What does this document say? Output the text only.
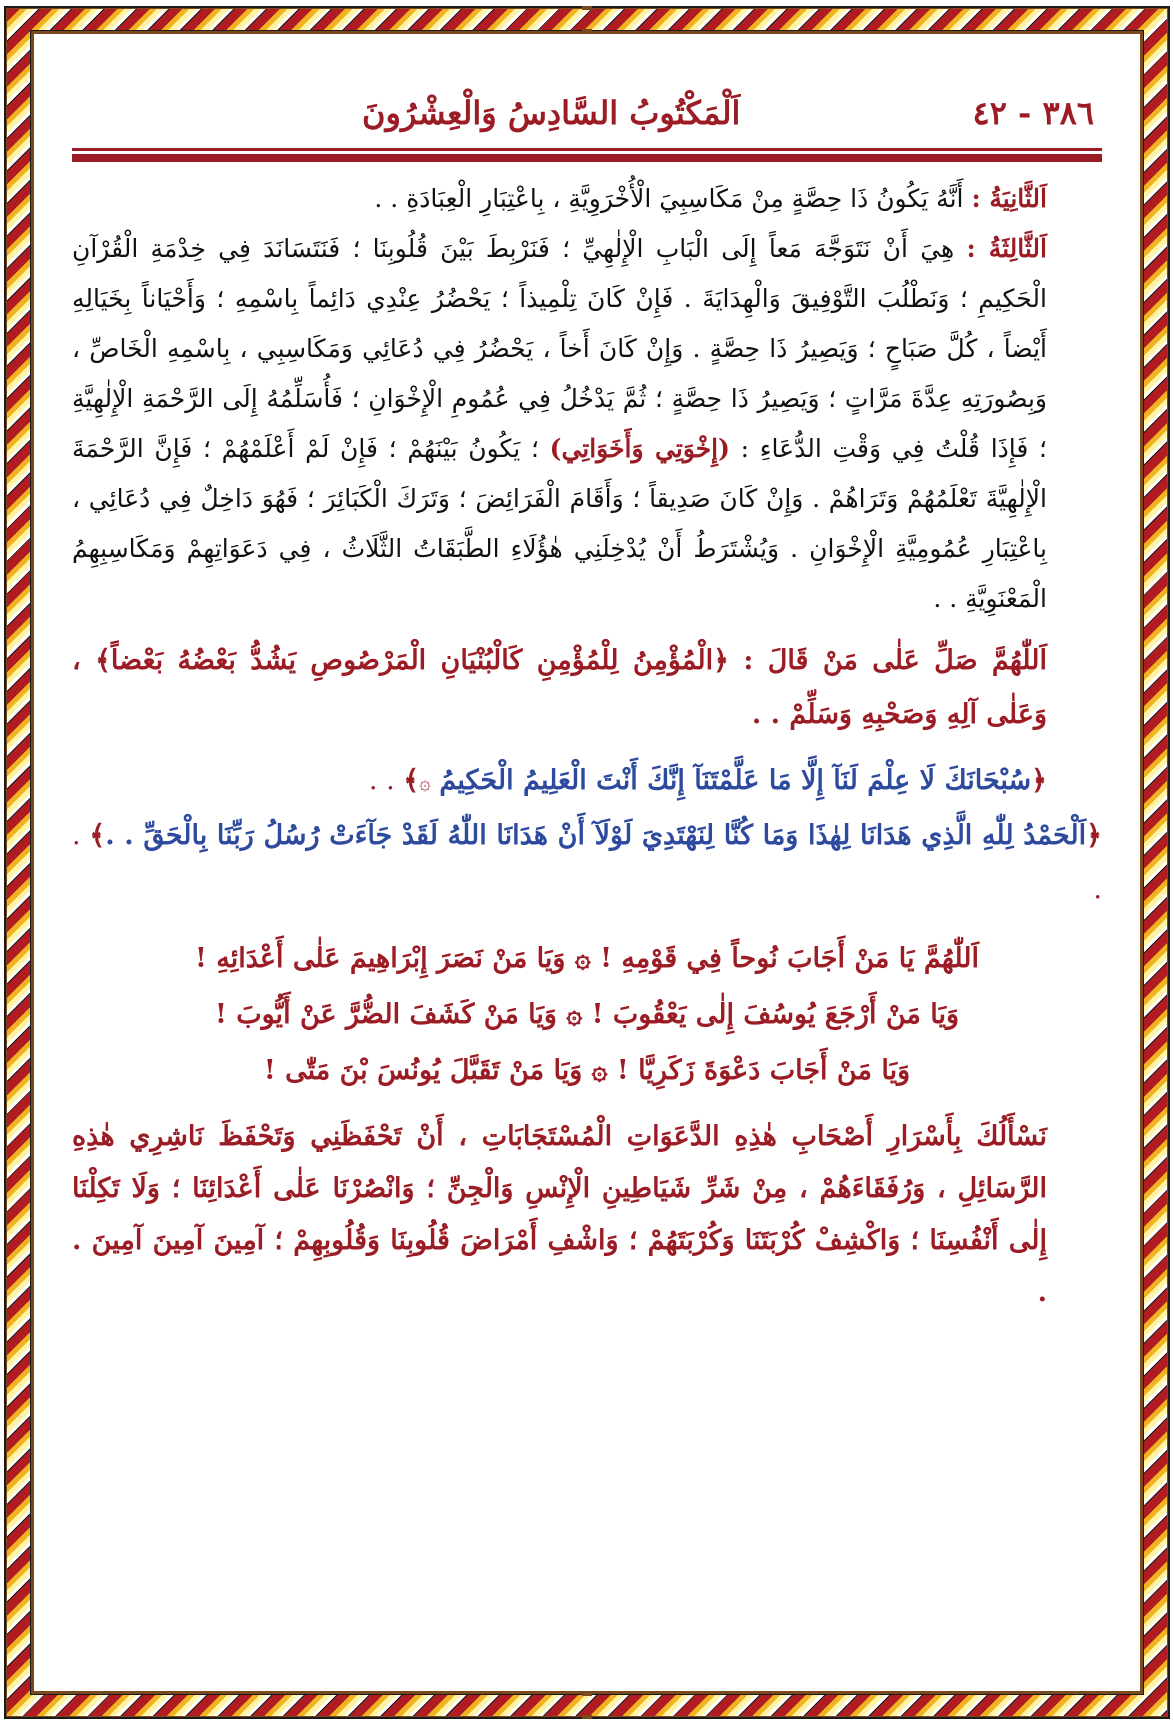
٣٨٦ - ٤٢
اَلْمَكْتُوبُ السَّادِسُ وَالْعِشْرُونَ

اَلثَّانِيَةُ : أَنَّهُ يَكُونُ ذَا حِصَّةٍ مِنْ مَكَاسِبِيَ الْأُخْرَوِيَّةِ ، بِاعْتِبَارِ الْعِبَادَةِ . .

اَلثَّالِثَةُ : هِيَ أَنْ نَتَوَجَّهَ مَعاً إِلَى الْبَابِ الْإِلٰهِيِّ ؛ فَنَرْبِطَ بَيْنَ قُلُوبِنَا ؛ فَنَتَسَانَدَ فِي خِدْمَةِ الْقُرْآنِ الْحَكِيمِ ؛ وَنَطْلُبَ التَّوْفِيقَ وَالْهِدَايَةَ . فَإِنْ كَانَ تِلْمِيذاً ؛ يَحْضُرُ عِنْدِي دَائِماً بِاسْمِهِ ؛ وَأَحْيَاناً بِخَيَالِهِ أَيْضاً ، كُلَّ صَبَاحٍ ؛ وَيَصِيرُ ذَا حِصَّةٍ . وَإِنْ كَانَ أَخاً ، يَحْضُرُ فِي دُعَائِي وَمَكَاسِبِي ، بِاسْمِهِ الْخَاصِّ ، وَبِصُورَتِهِ عِدَّةَ مَرَّاتٍ ؛ وَيَصِيرُ ذَا حِصَّةٍ ؛ ثُمَّ يَدْخُلُ فِي عُمُومِ الْإِخْوَانِ ؛ فَأُسَلِّمُهُ إِلَى الرَّحْمَةِ الْإِلٰهِيَّةِ ؛ فَإِذَا قُلْتُ فِي وَقْتِ الدُّعَاءِ : (إِخْوَتِي وَأَخَوَاتِي) ؛ يَكُونُ بَيْنَهُمْ ؛ فَإِنْ لَمْ أَعْلَمْهُمْ ؛ فَإِنَّ الرَّحْمَةَ الْإِلٰهِيَّةَ تَعْلَمُهُمْ وَتَرَاهُمْ . وَإِنْ كَانَ صَدِيقاً ؛ وَأَقَامَ الْفَرَائِضَ ؛ وَتَرَكَ الْكَبَائِرَ ؛ فَهُوَ دَاخِلٌ فِي دُعَائِي ، بِاعْتِبَارِ عُمُومِيَّةِ الْإِخْوَانِ . وَيُشْتَرَطُ أَنْ يُدْخِلَنِي هٰؤُلَاءِ الطَّبَقَاتُ الثَّلَاثُ ، فِي دَعَوَاتِهِمْ وَمَكَاسِبِهِمُ الْمَعْنَوِيَّةِ . .

اَللّٰهُمَّ صَلِّ عَلٰى مَنْ قَالَ : ﴿الْمُؤْمِنُ لِلْمُؤْمِنِ كَالْبُنْيَانِ الْمَرْصُوصِ يَشُدُّ بَعْضُهُ بَعْضاً﴾ ، وَعَلٰى آلِهِ وَصَحْبِهِ وَسَلِّمْ . .

﴿سُبْحَانَكَ لَا عِلْمَ لَنَآ إِلَّا مَا عَلَّمْتَنَآ إِنَّكَ أَنْتَ الْعَلِيمُ الْحَكِيمُ ۞﴾ . .

﴿اَلْحَمْدُ لِلّٰهِ الَّذِي هَدَانَا لِهٰذَا وَمَا كُنَّا لِنَهْتَدِيَ لَوْلَآ أَنْ هَدَانَا اللّٰهُ لَقَدْ جَآءَتْ رُسُلُ رَبِّنَا بِالْحَقِّ . .﴾ . .

اَللّٰهُمَّ يَا مَنْ أَجَابَ نُوحاً فِي قَوْمِهِ ! ۞ وَيَا مَنْ نَصَرَ إِبْرَاهِيمَ عَلٰى أَعْدَائِهِ !

وَيَا مَنْ أَرْجَعَ يُوسُفَ إِلٰى يَعْقُوبَ ! ۞ وَيَا مَنْ كَشَفَ الضُّرَّ عَنْ أَيُّوبَ !

وَيَا مَنْ أَجَابَ دَعْوَةَ زَكَرِيَّا ! ۞ وَيَا مَنْ تَقَبَّلَ يُونُسَ بْنَ مَتّٰى !

نَسْأَلُكَ بِأَسْرَارِ أَصْحَابِ هٰذِهِ الدَّعَوَاتِ الْمُسْتَجَابَاتِ ، أَنْ تَحْفَظَنِي وَتَحْفَظَ نَاشِرِي هٰذِهِ الرَّسَائِلِ ، وَرُفَقَاءَهُمْ ، مِنْ شَرِّ شَيَاطِينِ الْإِنْسِ وَالْجِنِّ ؛ وَانْصُرْنَا عَلٰى أَعْدَائِنَا ؛ وَلَا تَكِلْنَا إِلٰى أَنْفُسِنَا ؛ وَاكْشِفْ كُرْبَتَنَا وَكُرْبَتَهُمْ ؛ وَاشْفِ أَمْرَاضَ قُلُوبِنَا وَقُلُوبِهِمْ ؛ آمِينَ آمِينَ آمِينَ . .
